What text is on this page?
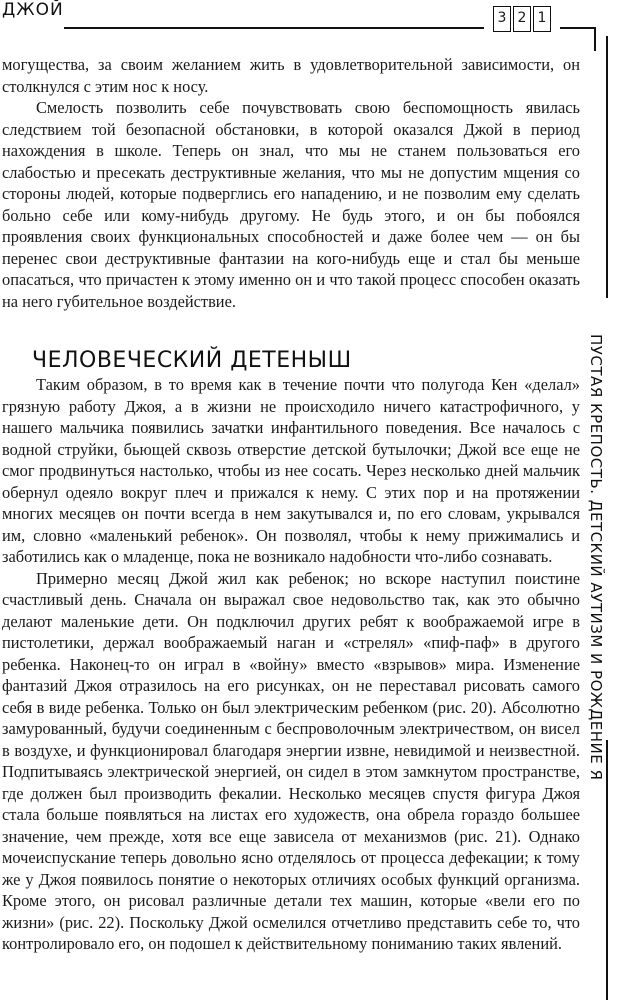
ДЖОЙ	3 2 1
ПУСТАЯ КРЕПОСТЬ. ДЕТСКИЙ АУТИЗМ И РОЖДЕНИЕ Я

могущества, за своим желанием жить в удовлетворительной зависимости, он столкнулся с этим нос к носу.

Смелость позволить себе почувствовать свою беспомощность явилась следствием той безопасной обстановки, в которой оказался Джой в период нахождения в школе. Теперь он знал, что мы не станем пользоваться его слабостью и пресекать деструктивные желания, что мы не допустим мщения со стороны людей, которые подверглись его нападению, и не позволим ему сделать больно себе или кому-нибудь другому. Не будь этого, и он бы побоялся проявления своих функциональных способностей и даже более чем — он бы перенес свои деструктивные фантазии на кого-нибудь еще и стал бы меньше опасаться, что причастен к этому именно он и что такой процесс способен оказать на него губительное воздействие.

ЧЕЛОВЕЧЕСКИЙ ДЕТЕНЫШ

Таким образом, в то время как в течение почти что полугода Кен «делал» грязную работу Джоя, а в жизни не происходило ничего катастрофичного, у нашего мальчика появились зачатки инфантильного поведения. Все началось с водной струйки, бьющей сквозь отверстие детской бутылочки; Джой все еще не смог продвинуться настолько, чтобы из нее сосать. Через несколько дней мальчик обернул одеяло вокруг плеч и прижался к нему. С этих пор и на протяжении многих месяцев он почти всегда в нем закутывался и, по его словам, укрывался им, словно «маленький ребенок». Он позволял, чтобы к нему прижимались и заботились как о младенце, пока не возникало надобности что-либо сознавать.

Примерно месяц Джой жил как ребенок; но вскоре наступил поистине счастливый день. Сначала он выражал свое недовольство так, как это обычно делают маленькие дети. Он подключил других ребят к воображаемой игре в пистолетики, держал воображаемый наган и «стрелял» «пиф-паф» в другого ребенка. Наконец-то он играл в «войну» вместо «взрывов» мира. Изменение фантазий Джоя отразилось на его рисунках, он не переставал рисовать самого себя в виде ребенка. Только он был электрическим ребенком (рис. 20). Абсолютно замурованный, будучи соединенным с беспроволочным электричеством, он висел в воздухе, и функционировал благодаря энергии извне, невидимой и неизвестной. Подпитываясь электрической энергией, он сидел в этом замкнутом пространстве, где должен был производить фекалии. Несколько месяцев спустя фигура Джоя стала больше появляться на листах его художеств, она обрела гораздо большее значение, чем прежде, хотя все еще зависела от механизмов (рис. 21). Однако мочеиспускание теперь довольно ясно отделялось от процесса дефекации; к тому же у Джоя появилось понятие о некоторых отличиях особых функций организма. Кроме этого, он рисовал различные детали тех машин, которые «вели его по жизни» (рис. 22). Поскольку Джой осмелился отчетливо представить себе то, что контролировало его, он подошел к действительному пониманию таких явлений.
